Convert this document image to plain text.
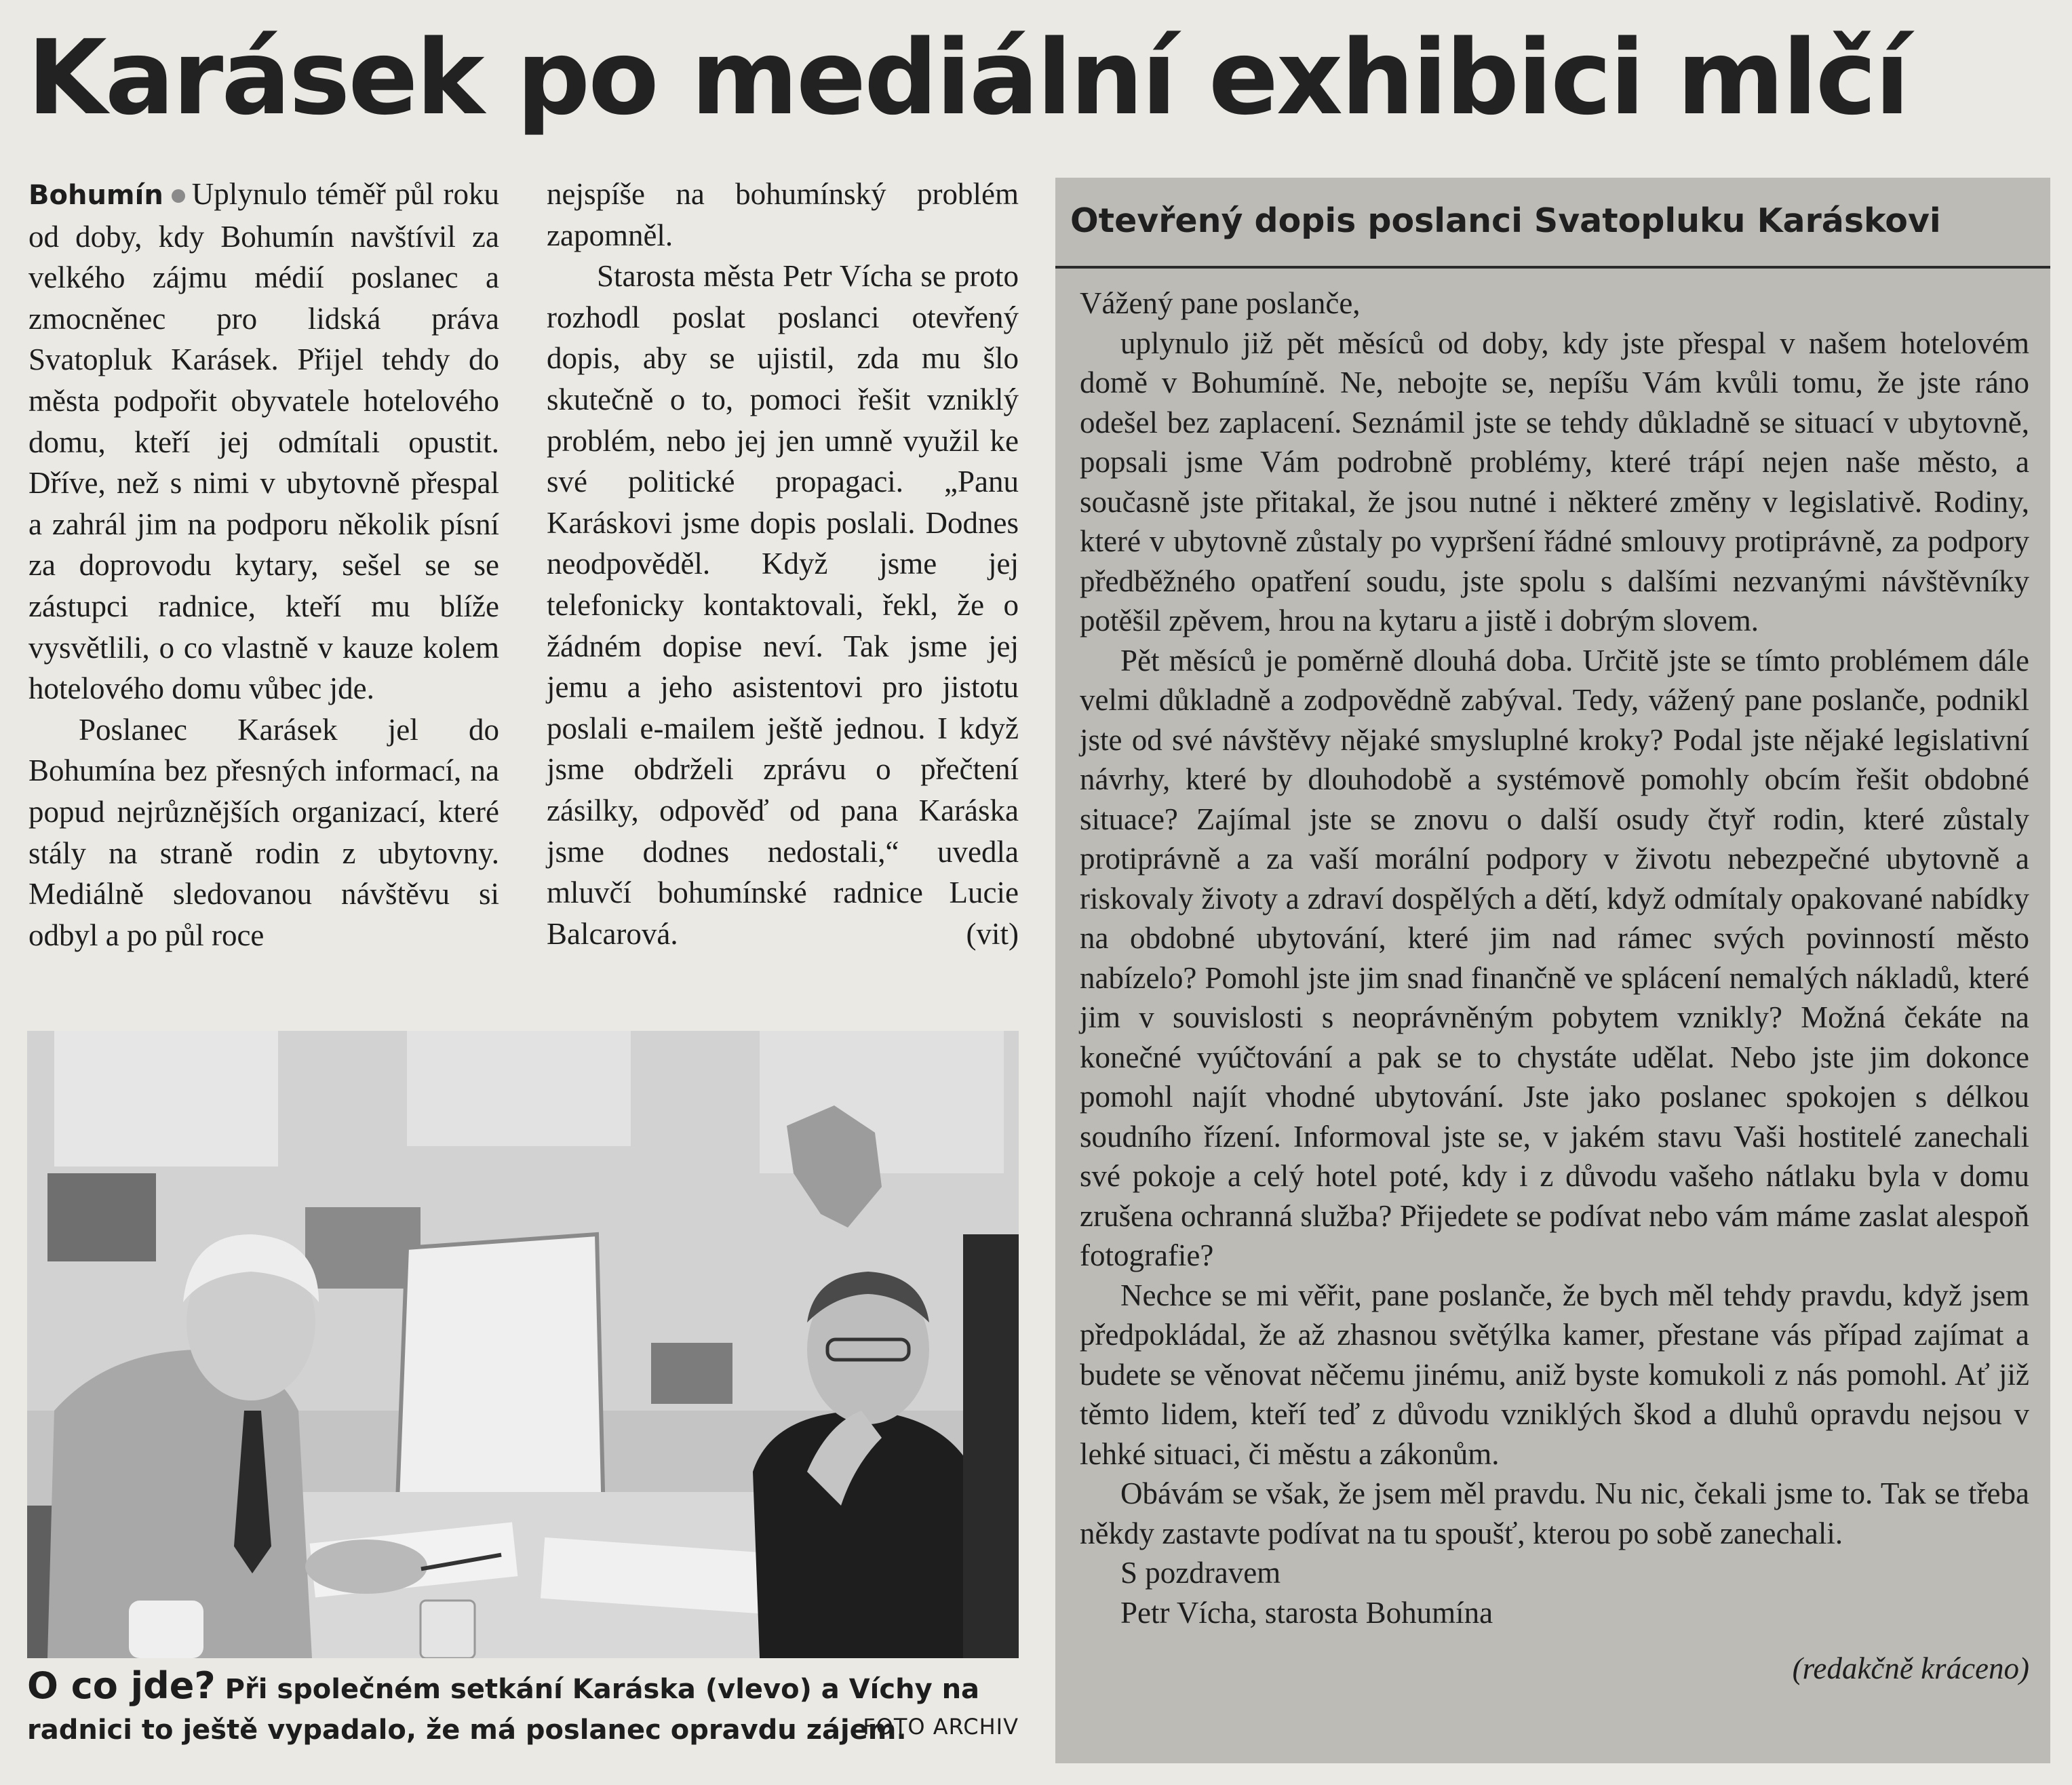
Karásek po mediální exhibici mlčí

Bohumín Uplynulo téměř půl roku od doby, kdy Bohumín navštívil za velkého zájmu médií poslanec a zmocněnec pro lidská práva Svatopluk Karásek. Přijel tehdy do města podpořit obyvatele hotelového domu, kteří jej odmítali opustit. Dříve, než s nimi v ubytovně přespal a zahrál jim na podporu několik písní za doprovodu kytary, sešel se se zástupci radnice, kteří mu blíže vysvětlili, o co vlastně v kauze kolem hotelového domu vůbec jde.

Poslanec Karásek jel do Bohumína bez přesných informací, na popud nejrůznějších organizací, které stály na straně rodin z ubytovny. Mediálně sledovanou návštěvu si odbyl a po půl roce

nejspíše na bohumínský problém zapomněl.

Starosta města Petr Vícha se proto rozhodl poslat poslanci otevřený dopis, aby se ujistil, zda mu šlo skutečně o to, pomoci řešit vzniklý problém, nebo jej jen umně využil ke své politické propagaci. „Panu Karáskovi jsme dopis poslali. Dodnes neodpověděl. Když jsme jej telefonicky kontaktovali, řekl, že o žádném dopise neví. Tak jsme jej jemu a jeho asistentovi pro jistotu poslali e-mailem ještě jednou. I když jsme obdrželi zprávu o přečtení zásilky, odpověď od pana Karáska jsme dodnes nedostali,“ uvedla mluvčí bohumínské radnice Lucie Balcarová.	(vit)
O co jde? Při společném setkání Karáska (vlevo) a Víchy na radnici to ještě vypadalo, že má poslanec opravdu zájem.
FOTO ARCHIV
Otevřený dopis poslanci Svatopluku Karáskovi

Vážený pane poslanče,

uplynulo již pět měsíců od doby, kdy jste přespal v našem hotelovém domě v Bohumíně. Ne, nebojte se, nepíšu Vám kvůli tomu, že jste ráno odešel bez zaplacení. Seznámil jste se tehdy důkladně se situací v ubytovně, popsali jsme Vám podrobně problémy, které trápí nejen naše město, a současně jste přitakal, že jsou nutné i některé změny v legislativě. Rodiny, které v ubytovně zůstaly po vypršení řádné smlouvy protiprávně, za podpory předběžného opatření soudu, jste spolu s dalšími nezvanými návštěvníky potěšil zpěvem, hrou na kytaru a jistě i dobrým slovem.

Pět měsíců je poměrně dlouhá doba. Určitě jste se tímto problémem dále velmi důkladně a zodpovědně zabýval. Tedy, vážený pane poslanče, podnikl jste od své návštěvy nějaké smysluplné kroky? Podal jste nějaké legislativní návrhy, které by dlouhodobě a systémově pomohly obcím řešit obdobné situace? Zajímal jste se znovu o další osudy čtyř rodin, které zůstaly protiprávně a za vaší morální podpory v životu nebezpečné ubytovně a riskovaly životy a zdraví dospělých a dětí, když odmítaly opakované nabídky na obdobné ubytování, které jim nad rámec svých povinností město nabízelo? Pomohl jste jim snad finančně ve splácení nemalých nákladů, které jim v souvislosti s neoprávněným pobytem vznikly? Možná čekáte na konečné vyúčtování a pak se to chystáte udělat. Nebo jste jim dokonce pomohl najít vhodné ubytování. Jste jako poslanec spokojen s délkou soudního řízení. Informoval jste se, v jakém stavu Vaši hostitelé zanechali své pokoje a celý hotel poté, kdy i z důvodu vašeho nátlaku byla v domu zrušena ochranná služba? Přijedete se podívat nebo vám máme zaslat alespoň fotografie?

Nechce se mi věřit, pane poslanče, že bych měl tehdy pravdu, když jsem předpokládal, že až zhasnou světýlka kamer, přestane vás případ zajímat a budete se věnovat něčemu jinému, aniž byste komukoli z nás pomohl. Ať již těmto lidem, kteří teď z důvodu vzniklých škod a dluhů opravdu nejsou v lehké situaci, či městu a zákonům.

Obávám se však, že jsem měl pravdu. Nu nic, čekali jsme to. Tak se třeba někdy zastavte podívat na tu spoušť, kterou po sobě zanechali.

S pozdravem

Petr Vícha, starosta Bohumína

(redakčně kráceno)
